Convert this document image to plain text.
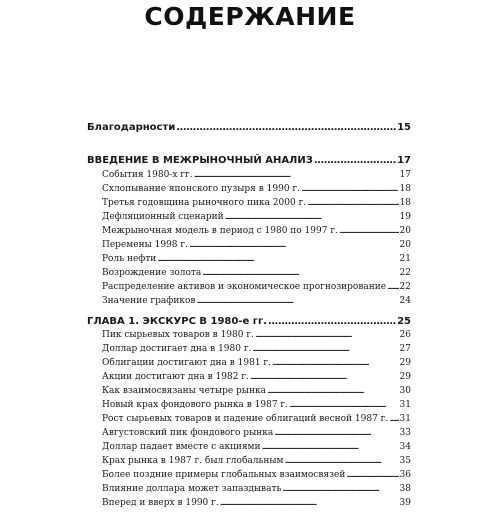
СОДЕРЖАНИЕ
Благодарности . . .	15
ВВЕДЕНИЕ В МЕЖРЫНОЧНЫЙ АНАЛИЗ . . .	17
События 1980-х гг. . . .	17
Схлопывание японского пузыря в 1990 г. . . .	18
Третья годовщина рыночного пика 2000 г. . . .	18
Дефляционный сценарий . . .	19
Межрыночная модель в период с 1980 по 1997 г. . . .	20
Перемены 1998 г. . . .	20
Роль нефти . . .	21
Возрождение золота . . .	22
Распределение активов и экономическое прогнозирование . . . 22
Значение графиков . . .	24
ГЛАВА 1. ЭКСКУРС В 1980-е гг. . . .	25
Пик сырьевых товаров в 1980 г. . . .	26
Доллар достигает дна в 1980 г. . . .	27
Облигации достигают дна в 1981 г. . . .	29
Акции достигают дна в 1982 г. . . .	29
Как взаимосвязаны четыре рынка . . .	30
Новый крах фондового рынка в 1987 г. . . .	31
Рост сырьевых товаров и падение облигаций весной 1987 г. . . . 31
Августовский пик фондового рынка . . .	33
Доллар падает вместе с акциями . . .	34
Крах рынка в 1987 г. был глобальным . . .	35
Более поздние примеры глобальных взаимосвязей . . .	36
Влияние доллара может запаздывать . . .	38
Вперед и вверх в 1990 г. . . .	39
